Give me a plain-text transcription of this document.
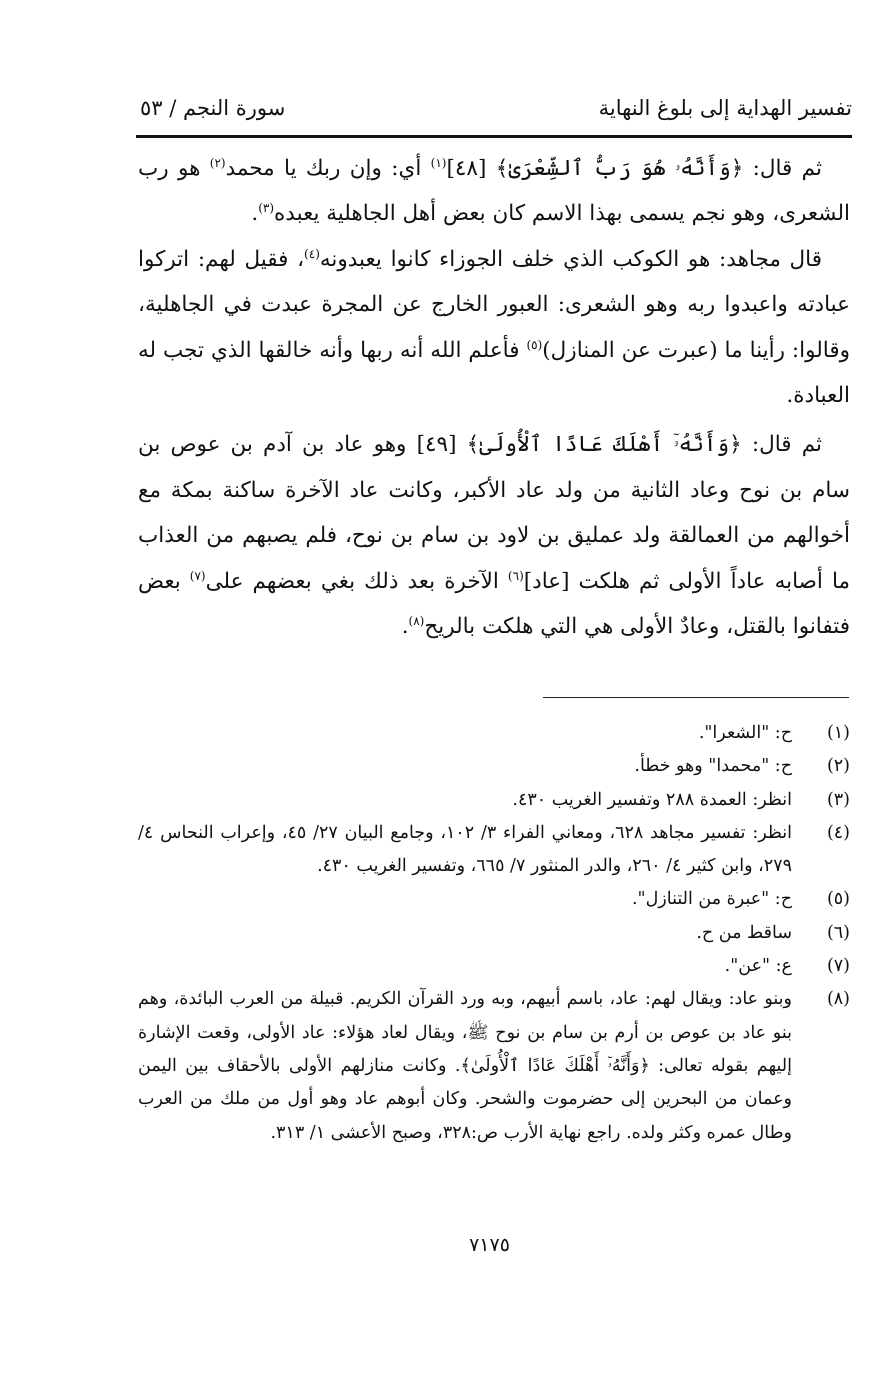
تفسير الهداية إلى بلوغ النهاية
سورة النجم / ٥٣

ثم قال: ﴿وَأَنَّهُۥ هُوَ رَبُّ ٱلشِّعْرَىٰ﴾ [٤٨]$^{(١)}$ أي: وإن ربك يا محمد$^{(٢)}$ هو رب الشعرى، وهو نجم يسمى بهذا الاسم كان بعض أهل الجاهلية يعبده$^{(٣)}$.

قال مجاهد: هو الكوكب الذي خلف الجوزاء كانوا يعبدونه$^{(٤)}$، فقيل لهم: اتركوا عبادته واعبدوا ربه وهو الشعرى: العبور الخارج عن المجرة عبدت في الجاهلية، وقالوا: رأينا ما (عبرت عن المنازل)$^{(٥)}$ فأعلم الله أنه ربها وأنه خالقها الذي تجب له العبادة.

ثم قال: ﴿وَأَنَّهُۥٓ أَهْلَكَ عَادًا ٱلْأُولَىٰ﴾ [٤٩] وهو عاد بن آدم بن عوص بن سام بن نوح وعاد الثانية من ولد عاد الأكبر، وكانت عاد الآخرة ساكنة بمكة مع أخوالهم من العمالقة ولد عمليق بن لاود بن سام بن نوح، فلم يصبهم من العذاب ما أصابه عاداً الأولى ثم هلكت [عاد]$^{(٦)}$ الآخرة بعد ذلك بغي بعضهم على$^{(٧)}$ بعض فتفانوا بالقتل، وعادٌ الأولى هي التي هلكت بالريح$^{(٨)}$.

(١)
ح: "الشعرا".
(٢)
ح: "محمدا" وهو خطأ.
(٣)
انظر: العمدة ٢٨٨ وتفسير الغريب ٤٣٠.
(٤)
انظر: تفسير مجاهد ٦٢٨، ومعاني الفراء ٣/ ١٠٢، وجامع البيان ٢٧/ ٤٥، وإعراب النحاس ٤/ ٢٧٩، وابن كثير ٤/ ٢٦٠، والدر المنثور ٧/ ٦٦٥، وتفسير الغريب ٤٣٠.
(٥)
ح: "عبرة من التنازل".
(٦)
ساقط من ح.
(٧)
ع: "عن".
(٨)
وبنو عاد: ويقال لهم: عاد، باسم أبيهم، وبه ورد القرآن الكريم. قبيلة من العرب البائدة، وهم بنو عاد بن عوص بن أرم بن سام بن نوح ﷺ، ويقال لعاد هؤلاء: عاد الأولى، وقعت الإشارة إليهم بقوله تعالى: ﴿وَأَنَّهُۥٓ أَهْلَكَ عَادًا ٱلْأُولَىٰ﴾. وكانت منازلهم الأولى بالأحقاف بين اليمن وعمان من البحرين إلى حضرموت والشحر. وكان أبوهم عاد وهو أول من ملك من العرب وطال عمره وكثر ولده. راجع نهاية الأرب ص:٣٢٨، وصبح الأعشى ١/ ٣١٣.
٧١٧٥
